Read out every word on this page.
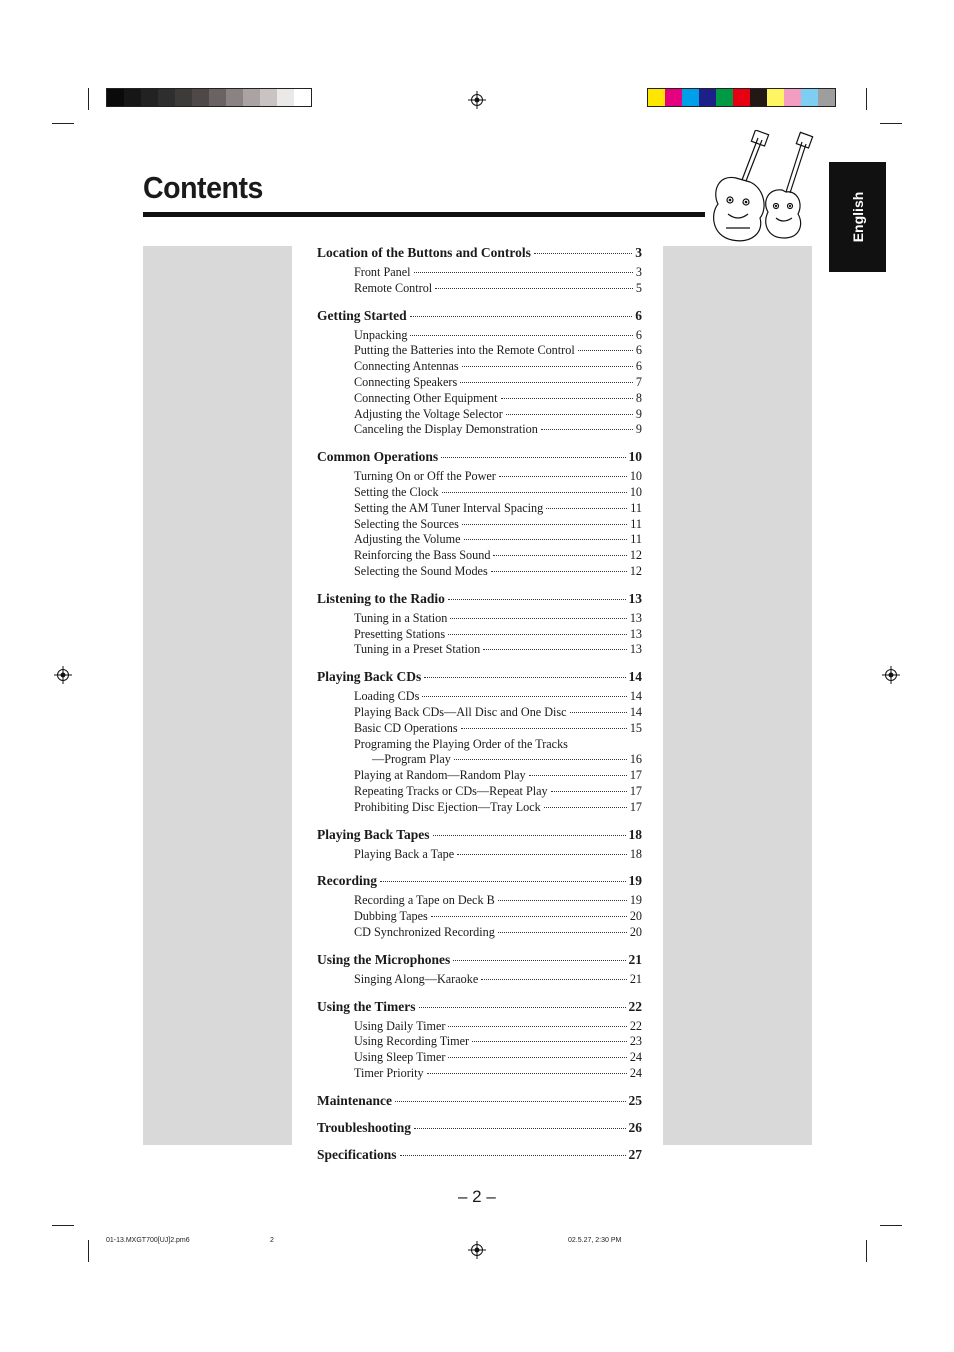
Contents
English
Location of the Buttons and Controls	3
Front Panel	3
Remote Control	5
Getting Started	6
Unpacking	6
Putting the Batteries into the Remote Control	6
Connecting Antennas	6
Connecting Speakers	7
Connecting Other Equipment	8
Adjusting the Voltage Selector	9
Canceling the Display Demonstration	9
Common Operations	10
Turning On or Off the Power	10
Setting the Clock	10
Setting the AM Tuner Interval Spacing	11
Selecting the Sources	11
Adjusting the Volume	11
Reinforcing the Bass Sound	12
Selecting the Sound Modes	12
Listening to the Radio	13
Tuning in a Station	13
Presetting Stations	13
Tuning in a Preset Station	13
Playing Back CDs	14
Loading CDs	14
Playing Back CDs—All Disc and One Disc	14
Basic CD Operations	15
Programing the Playing Order of the Tracks
—Program Play	16
Playing at Random—Random Play	17
Repeating Tracks or CDs—Repeat Play	17
Prohibiting Disc Ejection—Tray Lock	17
Playing Back Tapes	18
Playing Back a Tape	18
Recording	19
Recording a Tape on Deck B	19
Dubbing Tapes	20
CD Synchronized Recording	20
Using the Microphones	21
Singing Along—Karaoke	21
Using the Timers	22
Using Daily Timer	22
Using Recording Timer	23
Using Sleep Timer	24
Timer Priority	24
Maintenance	25
Troubleshooting	26
Specifications	27
– 2 –
01-13.MXGT700[UJ]2.pm6	2	02.5.27, 2:30 PM
